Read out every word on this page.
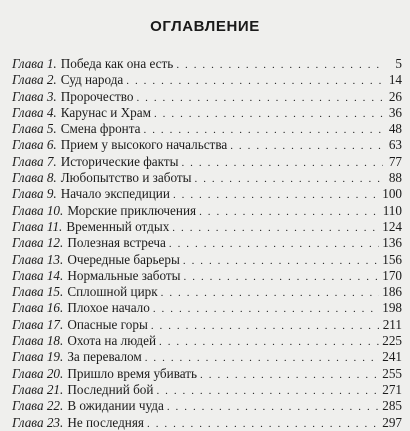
ОГЛАВЛЕНИЕ
Глава 1. Победа как она есть . . .	5
Глава 2. Суд народа . . .	14
Глава 3. Пророчество . . .	26
Глава 4. Карунас и Храм . . .	36
Глава 5. Смена фронта . . .	48
Глава 6. Прием у высокого начальства . . .	63
Глава 7. Исторические факты . . .	77
Глава 8. Любопытство и заботы . . .	88
Глава 9. Начало экспедиции . . .	100
Глава 10. Морские приключения . . .	110
Глава 11. Временный отдых . . .	124
Глава 12. Полезная встреча . . .	136
Глава 13. Очередные барьеры . . .	156
Глава 14. Нормальные заботы . . .	170
Глава 15. Сплошной цирк . . .	186
Глава 16. Плохое начало . . .	198
Глава 17. Опасные горы . . .	211
Глава 18. Охота на людей . . .	225
Глава 19. За перевалом . . .	241
Глава 20. Пришло время убивать . . .	255
Глава 21. Последний бой . . .	271
Глава 22. В ожидании чуда . . .	285
Глава 23. Не последняя . . .	297
